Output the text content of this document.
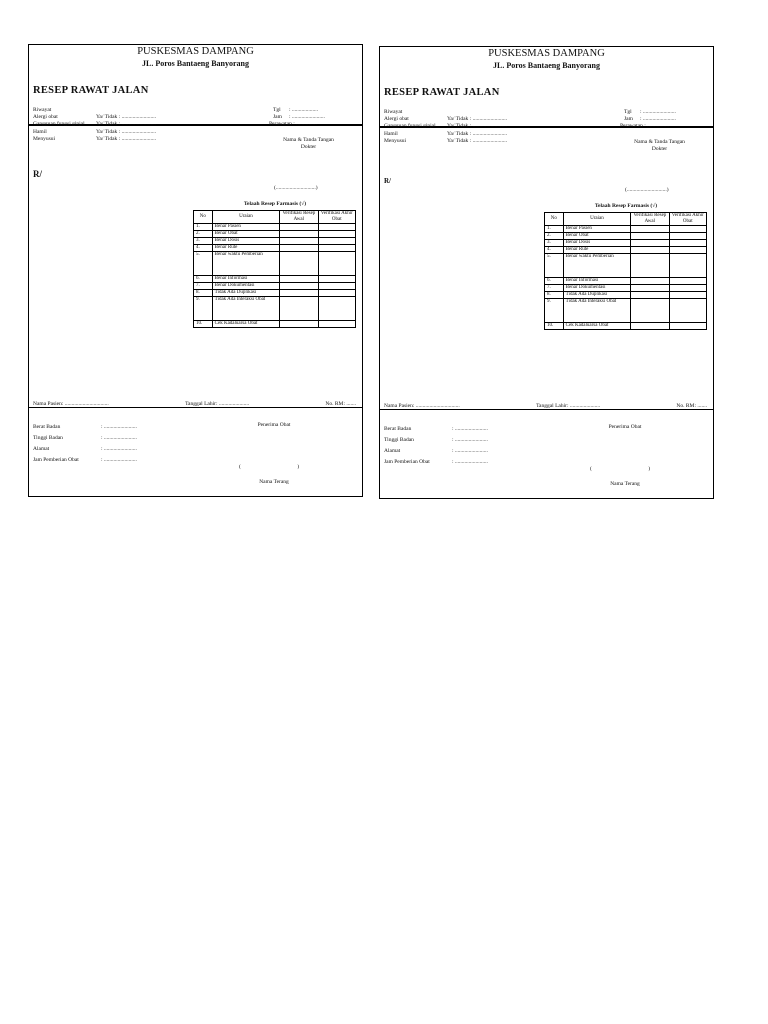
PUSKESMAS DAMPANG
JL. Poros Bantaeng Banyorang
RESEP RAWAT JALAN
Riwayat
Alergi obat	Ya/ Tidak : .........................
Gangguan fungsi ginjal	Ya/ Tidak : .........................
Hamil	Ya/ Tidak : .........................
Menyusui	Ya/ Tidak : .........................
Tgl	: ...................
Jam	: ........................
Perawatan : ...............
Nama & Tanda Tangan
Dokter
R/
(.............................)
Telaah Resep Farmasis (√)
No	Uraian	Verifikasi Resep Awal	Verifikasi Akhir Obat
1.	Benar Pasien		
2.	Benar Obat		
3.	Benar Dosis		
4.	Benar Rute		
5.	Benar waktu Pemberian		
6.	Benar Informasi		
7.	Benar Dokumentasi		
8.	Tidak Ada Duplikasi		
9.	Tidak Ada Interaksi Obat		
10.	Cek Kadaluarsa Obat		
Nama Pasien: ................................	Tanggal Lahir: ......................	No. RM: .......
Berat Badan	: ........................
Tinggi Badan	: ........................
Alamat	: ........................
Jam Pemberian Obat	: ........................
Penerima Obat
(                                         )
Nama Terang
PUSKESMAS DAMPANG
JL. Poros Bantaeng Banyorang
RESEP RAWAT JALAN
Riwayat
Alergi obat	Ya/ Tidak : .........................
Gangguan fungsi ginjal	Ya/ Tidak : .........................
Hamil	Ya/ Tidak : .........................
Menyusui	Ya/ Tidak : .........................
Tgl	: ........................
Jam	: ........................
Perawatan : ................
Nama & Tanda Tangan
Dokter
R/
(.............................)
Telaah Resep Farmasis (√)
No	Uraian	Verifikasi Resep Awal	Verifikasi Akhir Obat
1.	Benar Pasien		
2.	Benar Obat		
3.	Benar Dosis		
4.	Benar Rute		
5.	Benar waktu Pemberian		
6.	Benar Informasi		
7.	Benar Dokumentasi		
8.	Tidak Ada Duplikasi		
9.	Tidak Ada Interaksi Obat		
10.	Cek Kadaluarsa Obat		
Nama Pasien: ................................	Tanggal Lahir: ......................	No. RM: .......
Berat Badan	: ........................
Tinggi Badan	: ........................
Alamat	: ........................
Jam Pemberian Obat	: ........................
Penerima Obat
(                                         )
Nama Terang
